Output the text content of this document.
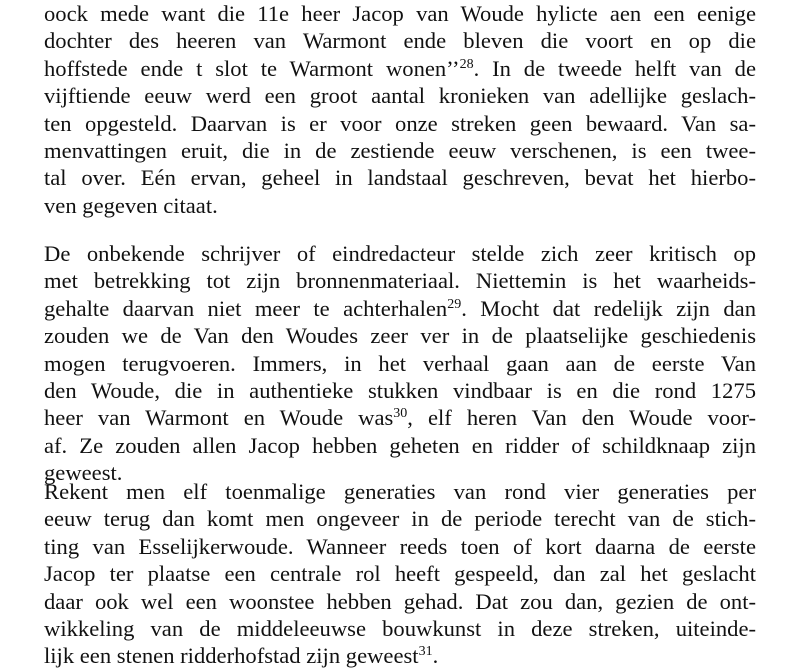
oock mede want die 11e heer Jacop van Woude hylicte aen een eenige
dochter des heeren van Warmont ende bleven die voort en op die
hoffstede ende t slot te Warmont wonen’’$^{28}$. In de tweede helft van de
vijftiende eeuw werd een groot aantal kronieken van adellijke geslach-
ten opgesteld. Daarvan is er voor onze streken geen bewaard. Van sa-
menvattingen eruit, die in de zestiende eeuw verschenen, is een twee-
tal over. Eén ervan, geheel in landstaal geschreven, bevat het hierbo-
ven gegeven citaat.
De onbekende schrijver of eindredacteur stelde zich zeer kritisch op
met betrekking tot zijn bronnenmateriaal. Niettemin is het waarheids-
gehalte daarvan niet meer te achterhalen$^{29}$. Mocht dat redelijk zijn dan
zouden we de Van den Woudes zeer ver in de plaatselijke geschiedenis
mogen terugvoeren. Immers, in het verhaal gaan aan de eerste Van
den Woude, die in authentieke stukken vindbaar is en die rond 1275
heer van Warmont en Woude was$^{30}$, elf heren Van den Woude voor-
af. Ze zouden allen Jacop hebben geheten en ridder of schildknaap zijn
geweest.
Rekent men elf toenmalige generaties van rond vier generaties per
eeuw terug dan komt men ongeveer in de periode terecht van de stich-
ting van Esselijkerwoude. Wanneer reeds toen of kort daarna de eerste
Jacop ter plaatse een centrale rol heeft gespeeld, dan zal het geslacht
daar ook wel een woonstee hebben gehad. Dat zou dan, gezien de ont-
wikkeling van de middeleeuwse bouwkunst in deze streken, uiteinde-
lijk een stenen ridderhofstad zijn geweest$^{31}$.
